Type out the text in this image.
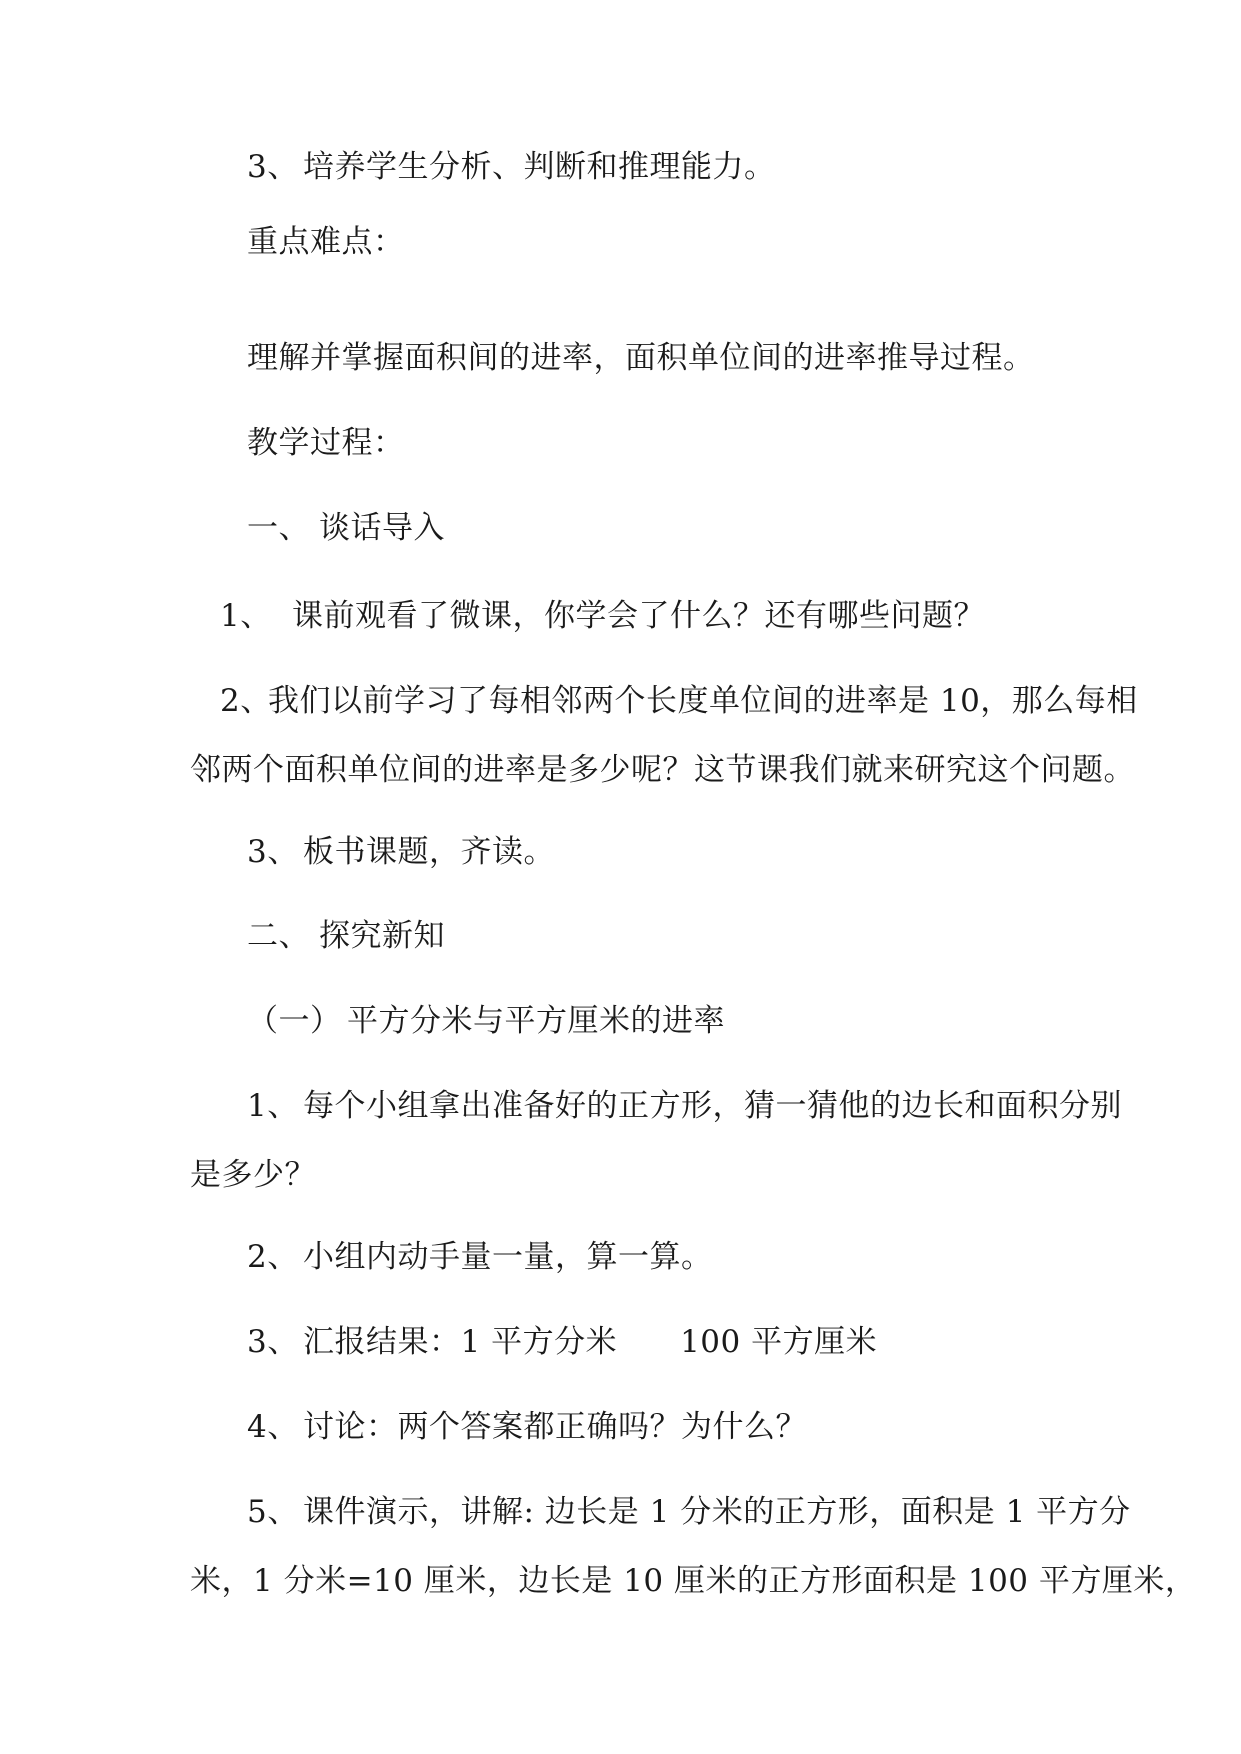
3、 培养学生分析、判断和推理能力。
重点难点：
理解并掌握面积间的进率，面积单位间的进率推导过程。
教学过程：
一、 谈话导入
1、 课前观看了微课，你学会了什么？还有哪些问题？
2、我们以前学习了每相邻两个长度单位间的进率是 10，那么每相
邻两个面积单位间的进率是多少呢？这节课我们就来研究这个问题。
3、 板书课题，齐读。
二、 探究新知
（一） 平方分米与平方厘米的进率
1、 每个小组拿出准备好的正方形，猜一猜他的边长和面积分别
是多少？
2、 小组内动手量一量，算一算。
3、 汇报结果：1 平方分米　　100 平方厘米
4、 讨论：两个答案都正确吗？为什么？
5、 课件演示，讲解: 边长是 1 分米的正方形，面积是 1 平方分
米，1 分米=10 厘米，边长是 10 厘米的正方形面积是 100 平方厘米，
